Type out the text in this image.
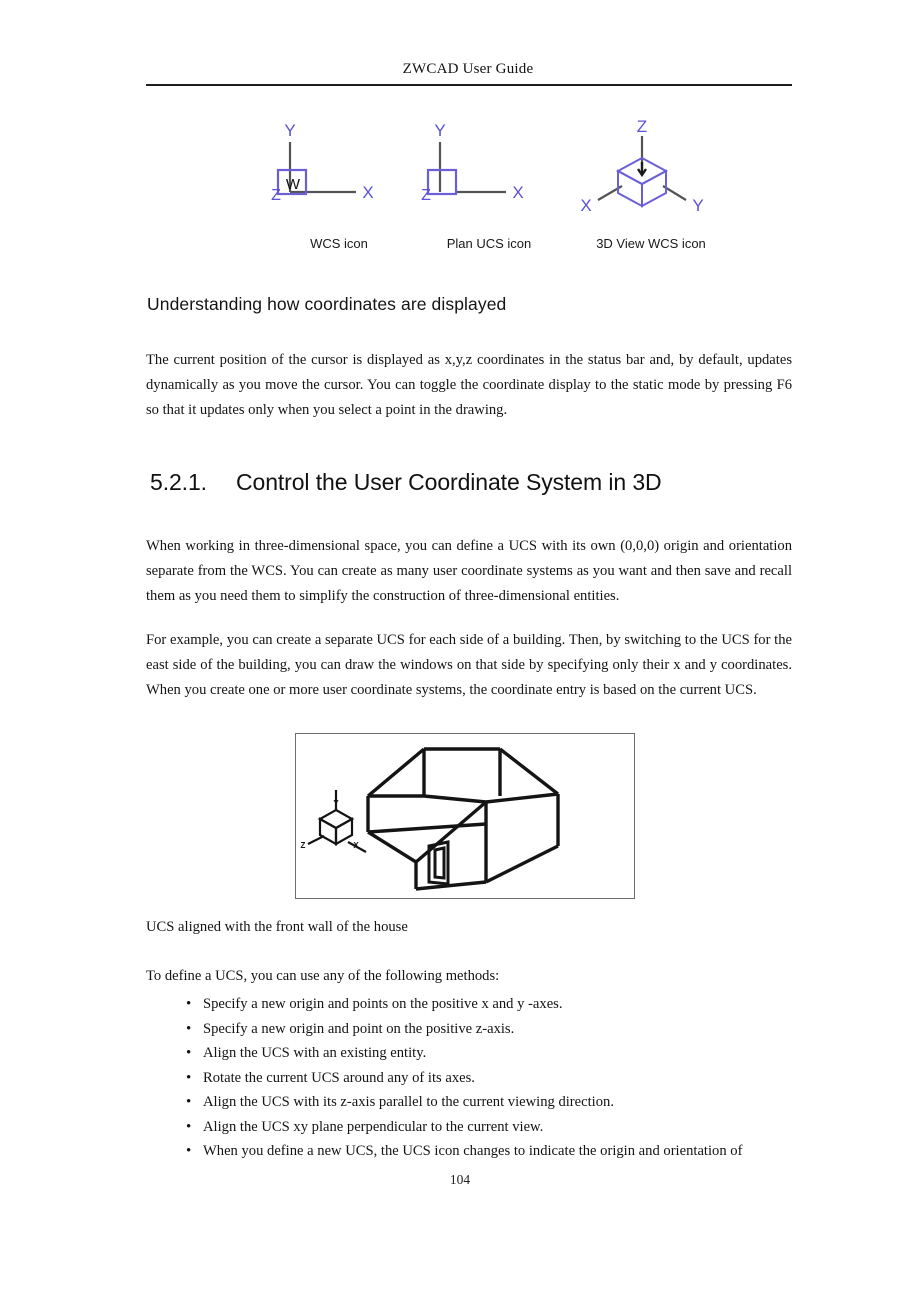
ZWCAD User Guide
Y
X
Z
W
WCS icon
Y
X
Z
Plan UCS icon
Z
X	Y
3D View WCS icon
Understanding how coordinates are displayed
The current position of the cursor is displayed as x,y,z coordinates in the status bar and, by default, updates dynamically as you move the cursor. You can toggle the coordinate display to the static mode by pressing F6 so that it updates only when you select a point in the drawing.
5.2.1. Control the User Coordinate System in 3D
When working in three-dimensional space, you can define a UCS with its own (0,0,0) origin and orientation separate from the WCS. You can create as many user coordinate systems as you want and then save and recall them as you need them to simplify the construction of three-dimensional entities.
For example, you can create a separate UCS for each side of a building. Then, by switching to the UCS for the east side of the building, you can draw the windows on that side by specifying only their x and y coordinates. When you create one or more user coordinate systems, the coordinate entry is based on the current UCS.
Y
Z	X
UCS aligned with the front wall of the house
To define a UCS, you can use any of the following methods:
• Specify a new origin and points on the positive x and y -axes.
• Specify a new origin and point on the positive z-axis.
• Align the UCS with an existing entity.
• Rotate the current UCS around any of its axes.
• Align the UCS with its z-axis parallel to the current viewing direction.
• Align the UCS xy plane perpendicular to the current view.
• When you define a new UCS, the UCS icon changes to indicate the origin and orientation of
104
